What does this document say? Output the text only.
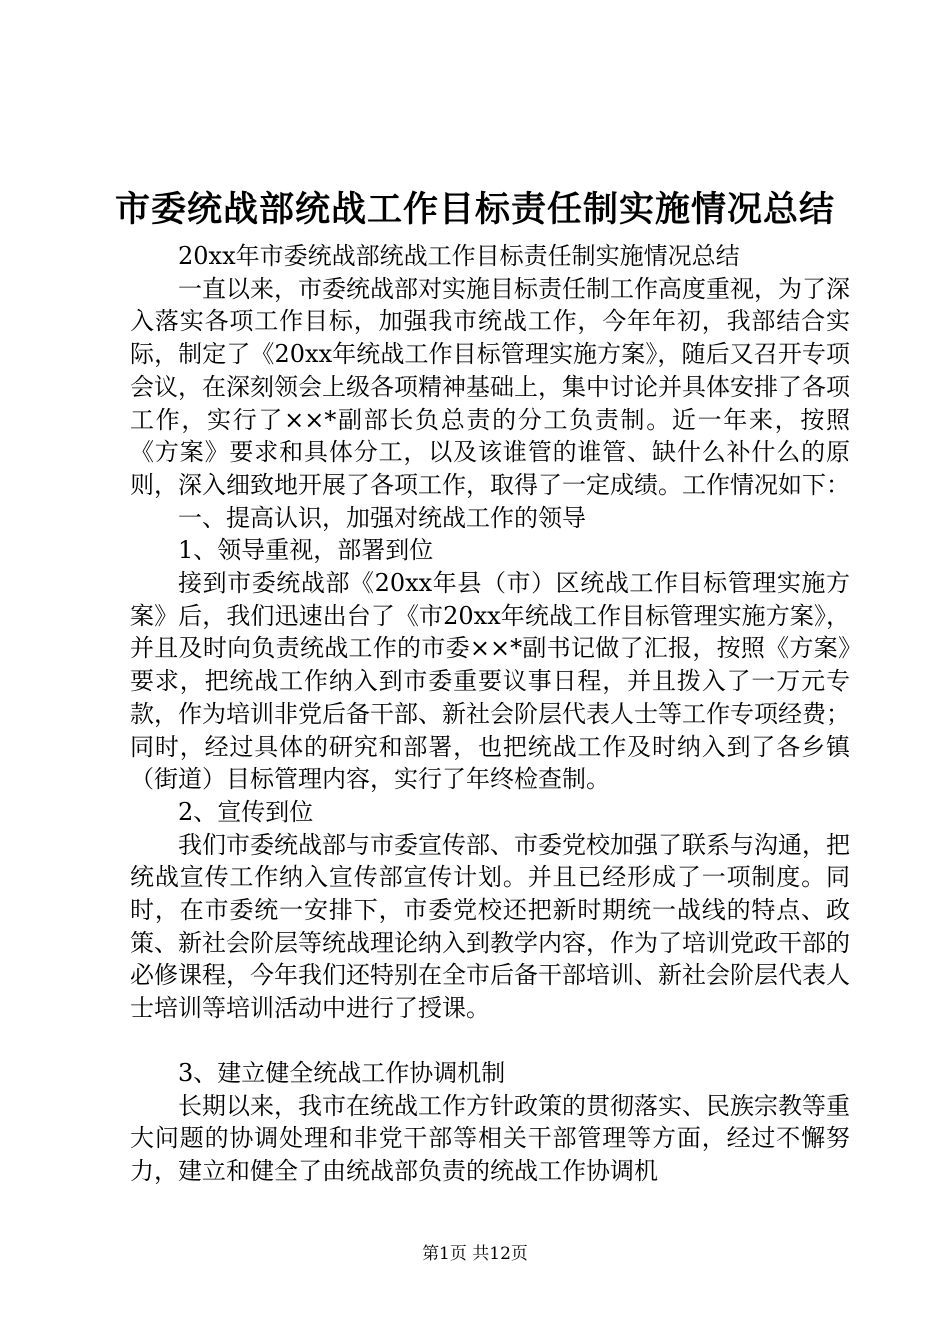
市委统战部统战工作目标责任制实施情况总结

20xx年市委统战部统战工作目标责任制实施情况总结

一直以来，市委统战部对实施目标责任制工作高度重视，为了深入落实各项工作目标，加强我市统战工作，今年年初，我部结合实际，制定了《20xx年统战工作目标管理实施方案》，随后又召开专项会议，在深刻领会上级各项精神基础上，集中讨论并具体安排了各项工作，实行了××*副部长负总责的分工负责制。近一年来，按照《方案》要求和具体分工，以及该谁管的谁管、缺什么补什么的原则，深入细致地开展了各项工作，取得了一定成绩。工作情况如下：

一、提高认识，加强对统战工作的领导

1、领导重视，部署到位

接到市委统战部《20xx年县（市）区统战工作目标管理实施方案》后，我们迅速出台了《市20xx年统战工作目标管理实施方案》，并且及时向负责统战工作的市委××*副书记做了汇报，按照《方案》要求，把统战工作纳入到市委重要议事日程，并且拨入了一万元专款，作为培训非党后备干部、新社会阶层代表人士等工作专项经费；同时，经过具体的研究和部署，也把统战工作及时纳入到了各乡镇（街道）目标管理内容，实行了年终检查制。

2、宣传到位

我们市委统战部与市委宣传部、市委党校加强了联系与沟通，把统战宣传工作纳入宣传部宣传计划。并且已经形成了一项制度。同时，在市委统一安排下，市委党校还把新时期统一战线的特点、政策、新社会阶层等统战理论纳入到教学内容，作为了培训党政干部的必修课程，今年我们还特别在全市后备干部培训、新社会阶层代表人士培训等培训活动中进行了授课。

3、建立健全统战工作协调机制

长期以来，我市在统战工作方针政策的贯彻落实、民族宗教等重大问题的协调处理和非党干部等相关干部管理等方面，经过不懈努力，建立和健全了由统战部负责的统战工作协调机

第1页 共12页
